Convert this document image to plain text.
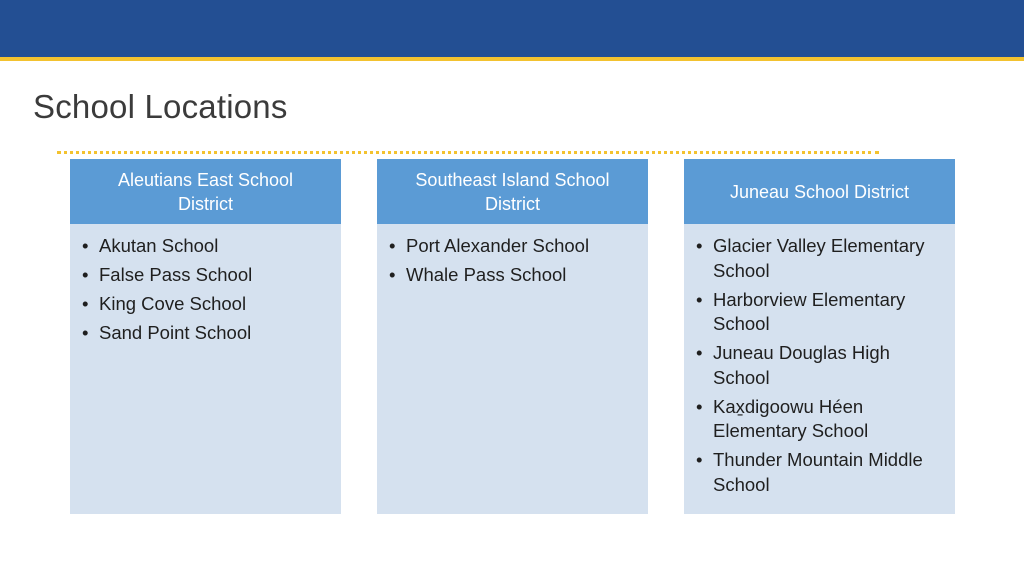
School Locations
Aleutians East School District
• Akutan School
• False Pass School
• King Cove School
• Sand Point School
Southeast Island School District
• Port Alexander School
• Whale Pass School
Juneau School District
• Glacier Valley Elementary School
• Harborview Elementary School
• Juneau Douglas High School
• Kax̱digoowu Héen Elementary School
• Thunder Mountain Middle School
